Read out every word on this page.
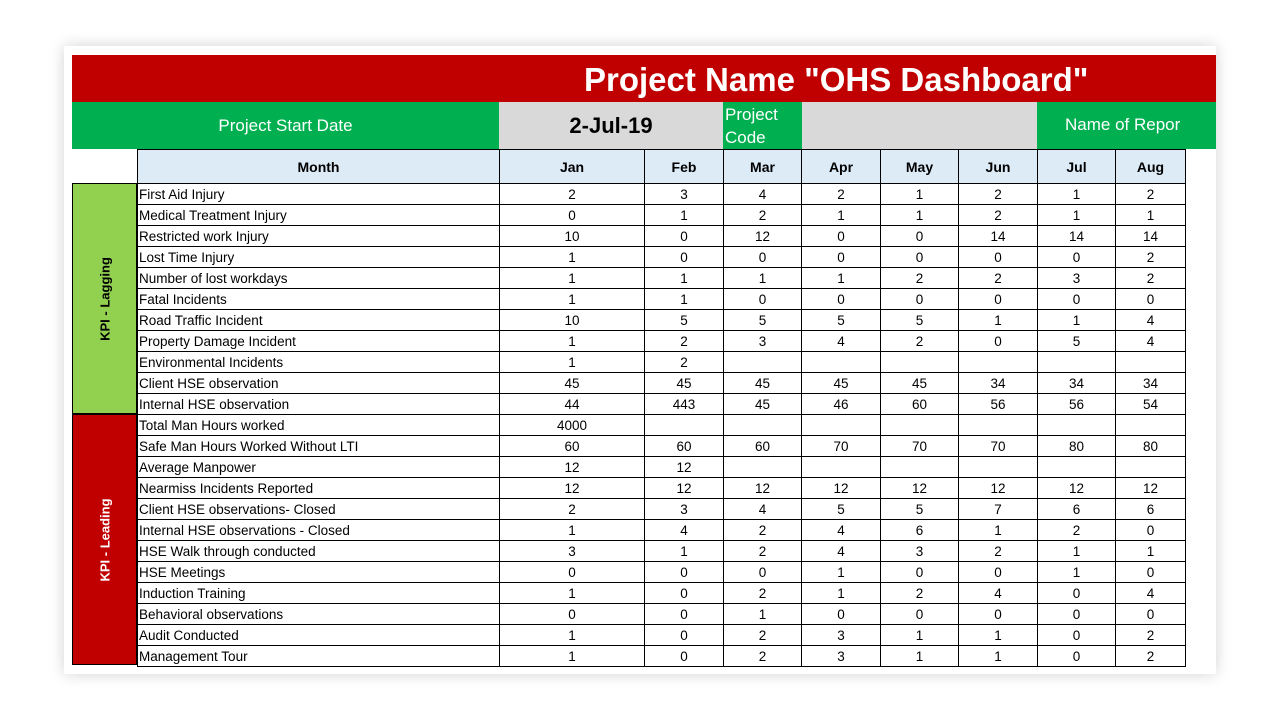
Project Name "OHS Dashboard"
Project Start Date	2-Jul-19	Project Code
Name of Repor
KPI - Lagging
KPI - Leading
Month	Jan	Feb	Mar	Apr	May	Jun	Jul	Aug
First Aid Injury	2	3	4	2	1	2	1	2
Medical Treatment Injury	0	1	2	1	1	2	1	1
Restricted work Injury	10	0	12	0	0	14	14	14
Lost Time Injury	1	0	0	0	0	0	0	2
Number of lost workdays	1	1	1	1	2	2	3	2
Fatal Incidents	1	1	0	0	0	0	0	0
Road Traffic Incident	10	5	5	5	5	1	1	4
Property Damage Incident	1	2	3	4	2	0	5	4
Environmental Incidents	1	2						
Client HSE observation	45	45	45	45	45	34	34	34
Internal HSE observation	44	443	45	46	60	56	56	54
Total Man Hours worked	4000							
Safe Man Hours Worked Without LTI	60	60	60	70	70	70	80	80
Average Manpower	12	12						
Nearmiss Incidents Reported	12	12	12	12	12	12	12	12
Client HSE observations- Closed	2	3	4	5	5	7	6	6
Internal HSE observations - Closed	1	4	2	4	6	1	2	0
HSE Walk through conducted	3	1	2	4	3	2	1	1
HSE Meetings	0	0	0	1	0	0	1	0
Induction Training	1	0	2	1	2	4	0	4
Behavioral observations	0	0	1	0	0	0	0	0
Audit Conducted	1	0	2	3	1	1	0	2
Management Tour	1	0	2	3	1	1	0	2
